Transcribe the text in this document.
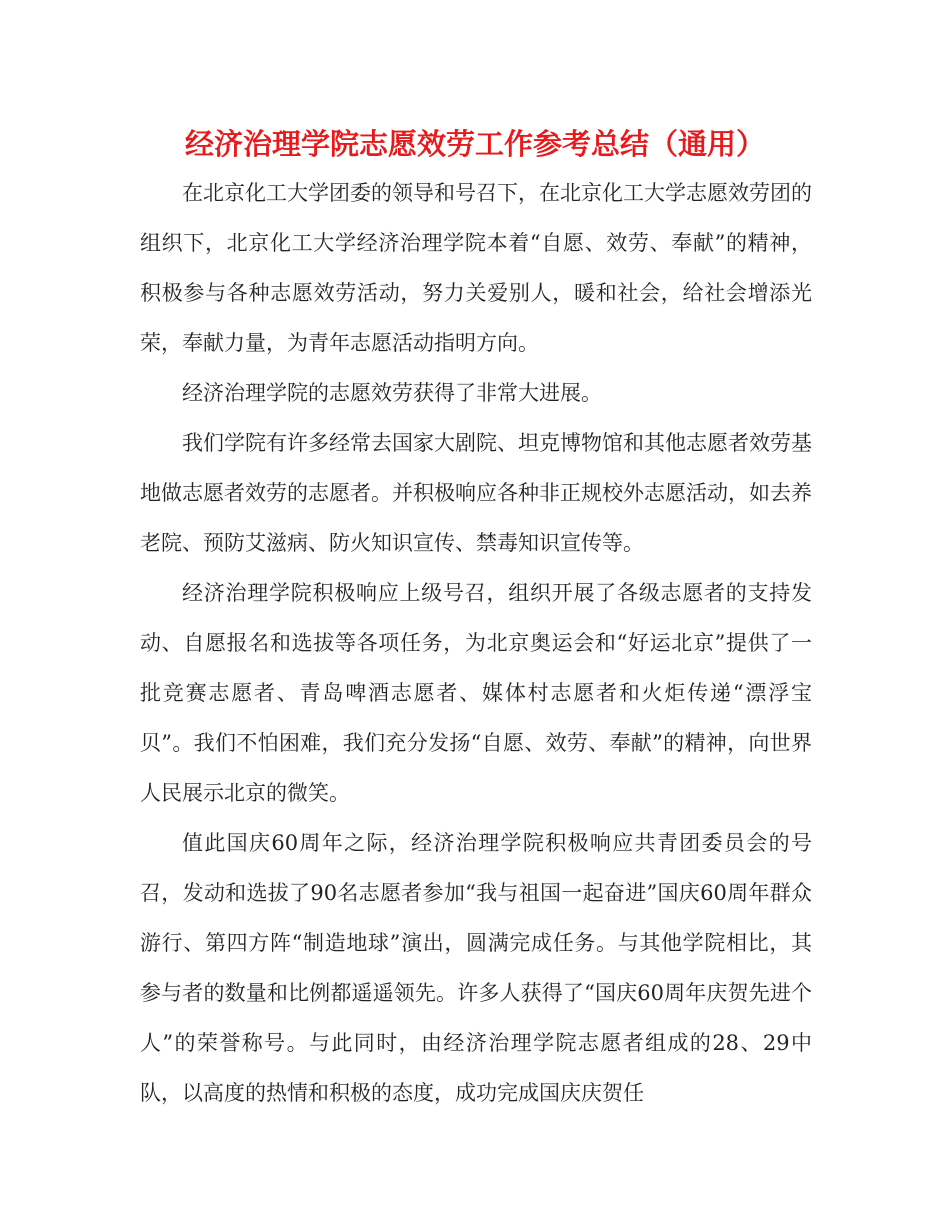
经济治理学院志愿效劳工作参考总结（通用）

在北京化工大学团委的领导和号召下，在北京化工大学志愿效劳团的组织下，北京化工大学经济治理学院本着“自愿、效劳、奉献”的精神，积极参与各种志愿效劳活动，努力关爱别人，暖和社会，给社会增添光荣，奉献力量，为青年志愿活动指明方向。

经济治理学院的志愿效劳获得了非常大进展。

我们学院有许多经常去国家大剧院、坦克博物馆和其他志愿者效劳基地做志愿者效劳的志愿者。并积极响应各种非正规校外志愿活动，如去养老院、预防艾滋病、防火知识宣传、禁毒知识宣传等。

经济治理学院积极响应上级号召，组织开展了各级志愿者的支持发动、自愿报名和选拔等各项任务，为北京奥运会和“好运北京”提供了一批竞赛志愿者、青岛啤酒志愿者、媒体村志愿者和火炬传递“漂浮宝贝”。我们不怕困难，我们充分发扬“自愿、效劳、奉献”的精神，向世界人民展示北京的微笑。

值此国庆60周年之际，经济治理学院积极响应共青团委员会的号召，发动和选拔了90名志愿者参加“我与祖国一起奋进”国庆60周年群众游行、第四方阵“制造地球”演出，圆满完成任务。与其他学院相比，其参与者的数量和比例都遥遥领先。许多人获得了“国庆60周年庆贺先进个人”的荣誉称号。与此同时，由经济治理学院志愿者组成的28、29中队，以高度的热情和积极的态度，成功完成国庆庆贺任
